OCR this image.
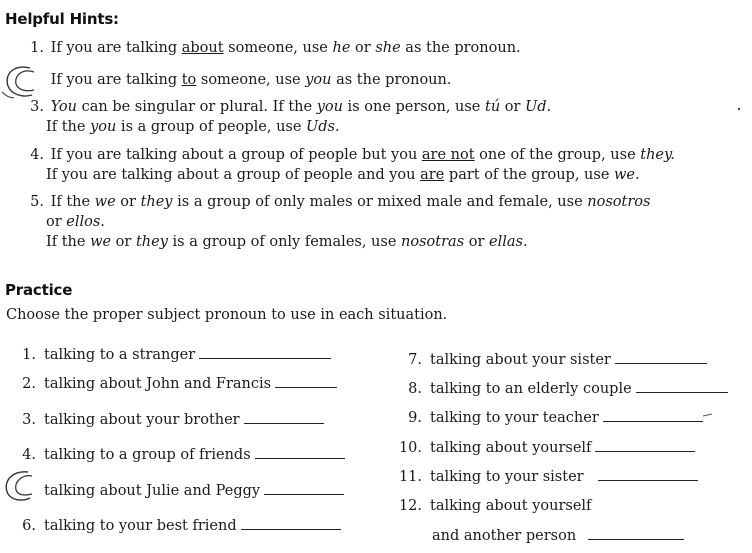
Helpful Hints:
1. If you are talking about someone, use he or she as the pronoun.
If you are talking to someone, use you as the pronoun.
3. You can be singular or plural. If the you is one person, use tú or Ud.
If the you is a group of people, use Uds.
4. If you are talking about a group of people but you are not one of the group, use they.
If you are talking about a group of people and you are part of the group, use we.
5. If the we or they is a group of only males or mixed male and female, use nosotros
or ellos.
If the we or they is a group of only females, use nosotras or ellas.
Practice
Choose the proper subject pronoun to use in each situation.
1. talking to a stranger
2. talking about John and Francis
3. talking about your brother
4. talking to a group of friends
talking about Julie and Peggy
6. talking to your best friend
7. talking about your sister
8. talking to an elderly couple
9. talking to your teacher
10. talking about yourself
11. talking to your sister
12. talking about yourself
and another person
